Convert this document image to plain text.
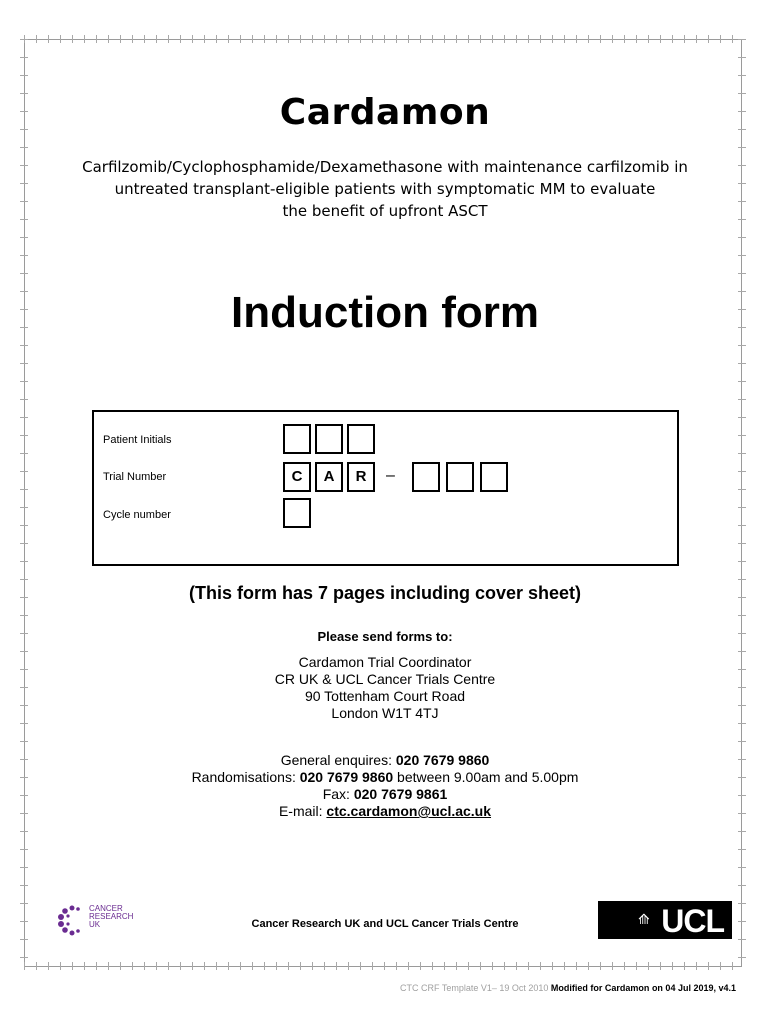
Cardamon
Carfilzomib/Cyclophosphamide/Dexamethasone with maintenance carfilzomib in
untreated transplant-eligible patients with symptomatic MM to evaluate
the benefit of upfront ASCT
Induction form
Patient Initials
Trial Number	C	A	R	–
Cycle number
(This form has 7 pages including cover sheet)
Please send forms to:
Cardamon Trial Coordinator
CR UK & UCL Cancer Trials Centre
90 Tottenham Court Road
London W1T 4TJ
General enquires: 020 7679 9860
Randomisations: 020 7679 9860 between 9.00am and 5.00pm
Fax: 020 7679 9861
E-mail: ctc.cardamon@ucl.ac.uk
CANCER
RESEARCH
UK	Cancer Research UK and UCL Cancer Trials Centre	⟰ UCL
CTC CRF Template V1– 19 Oct 2010 Modified for Cardamon on 04 Jul 2019, v4.1
